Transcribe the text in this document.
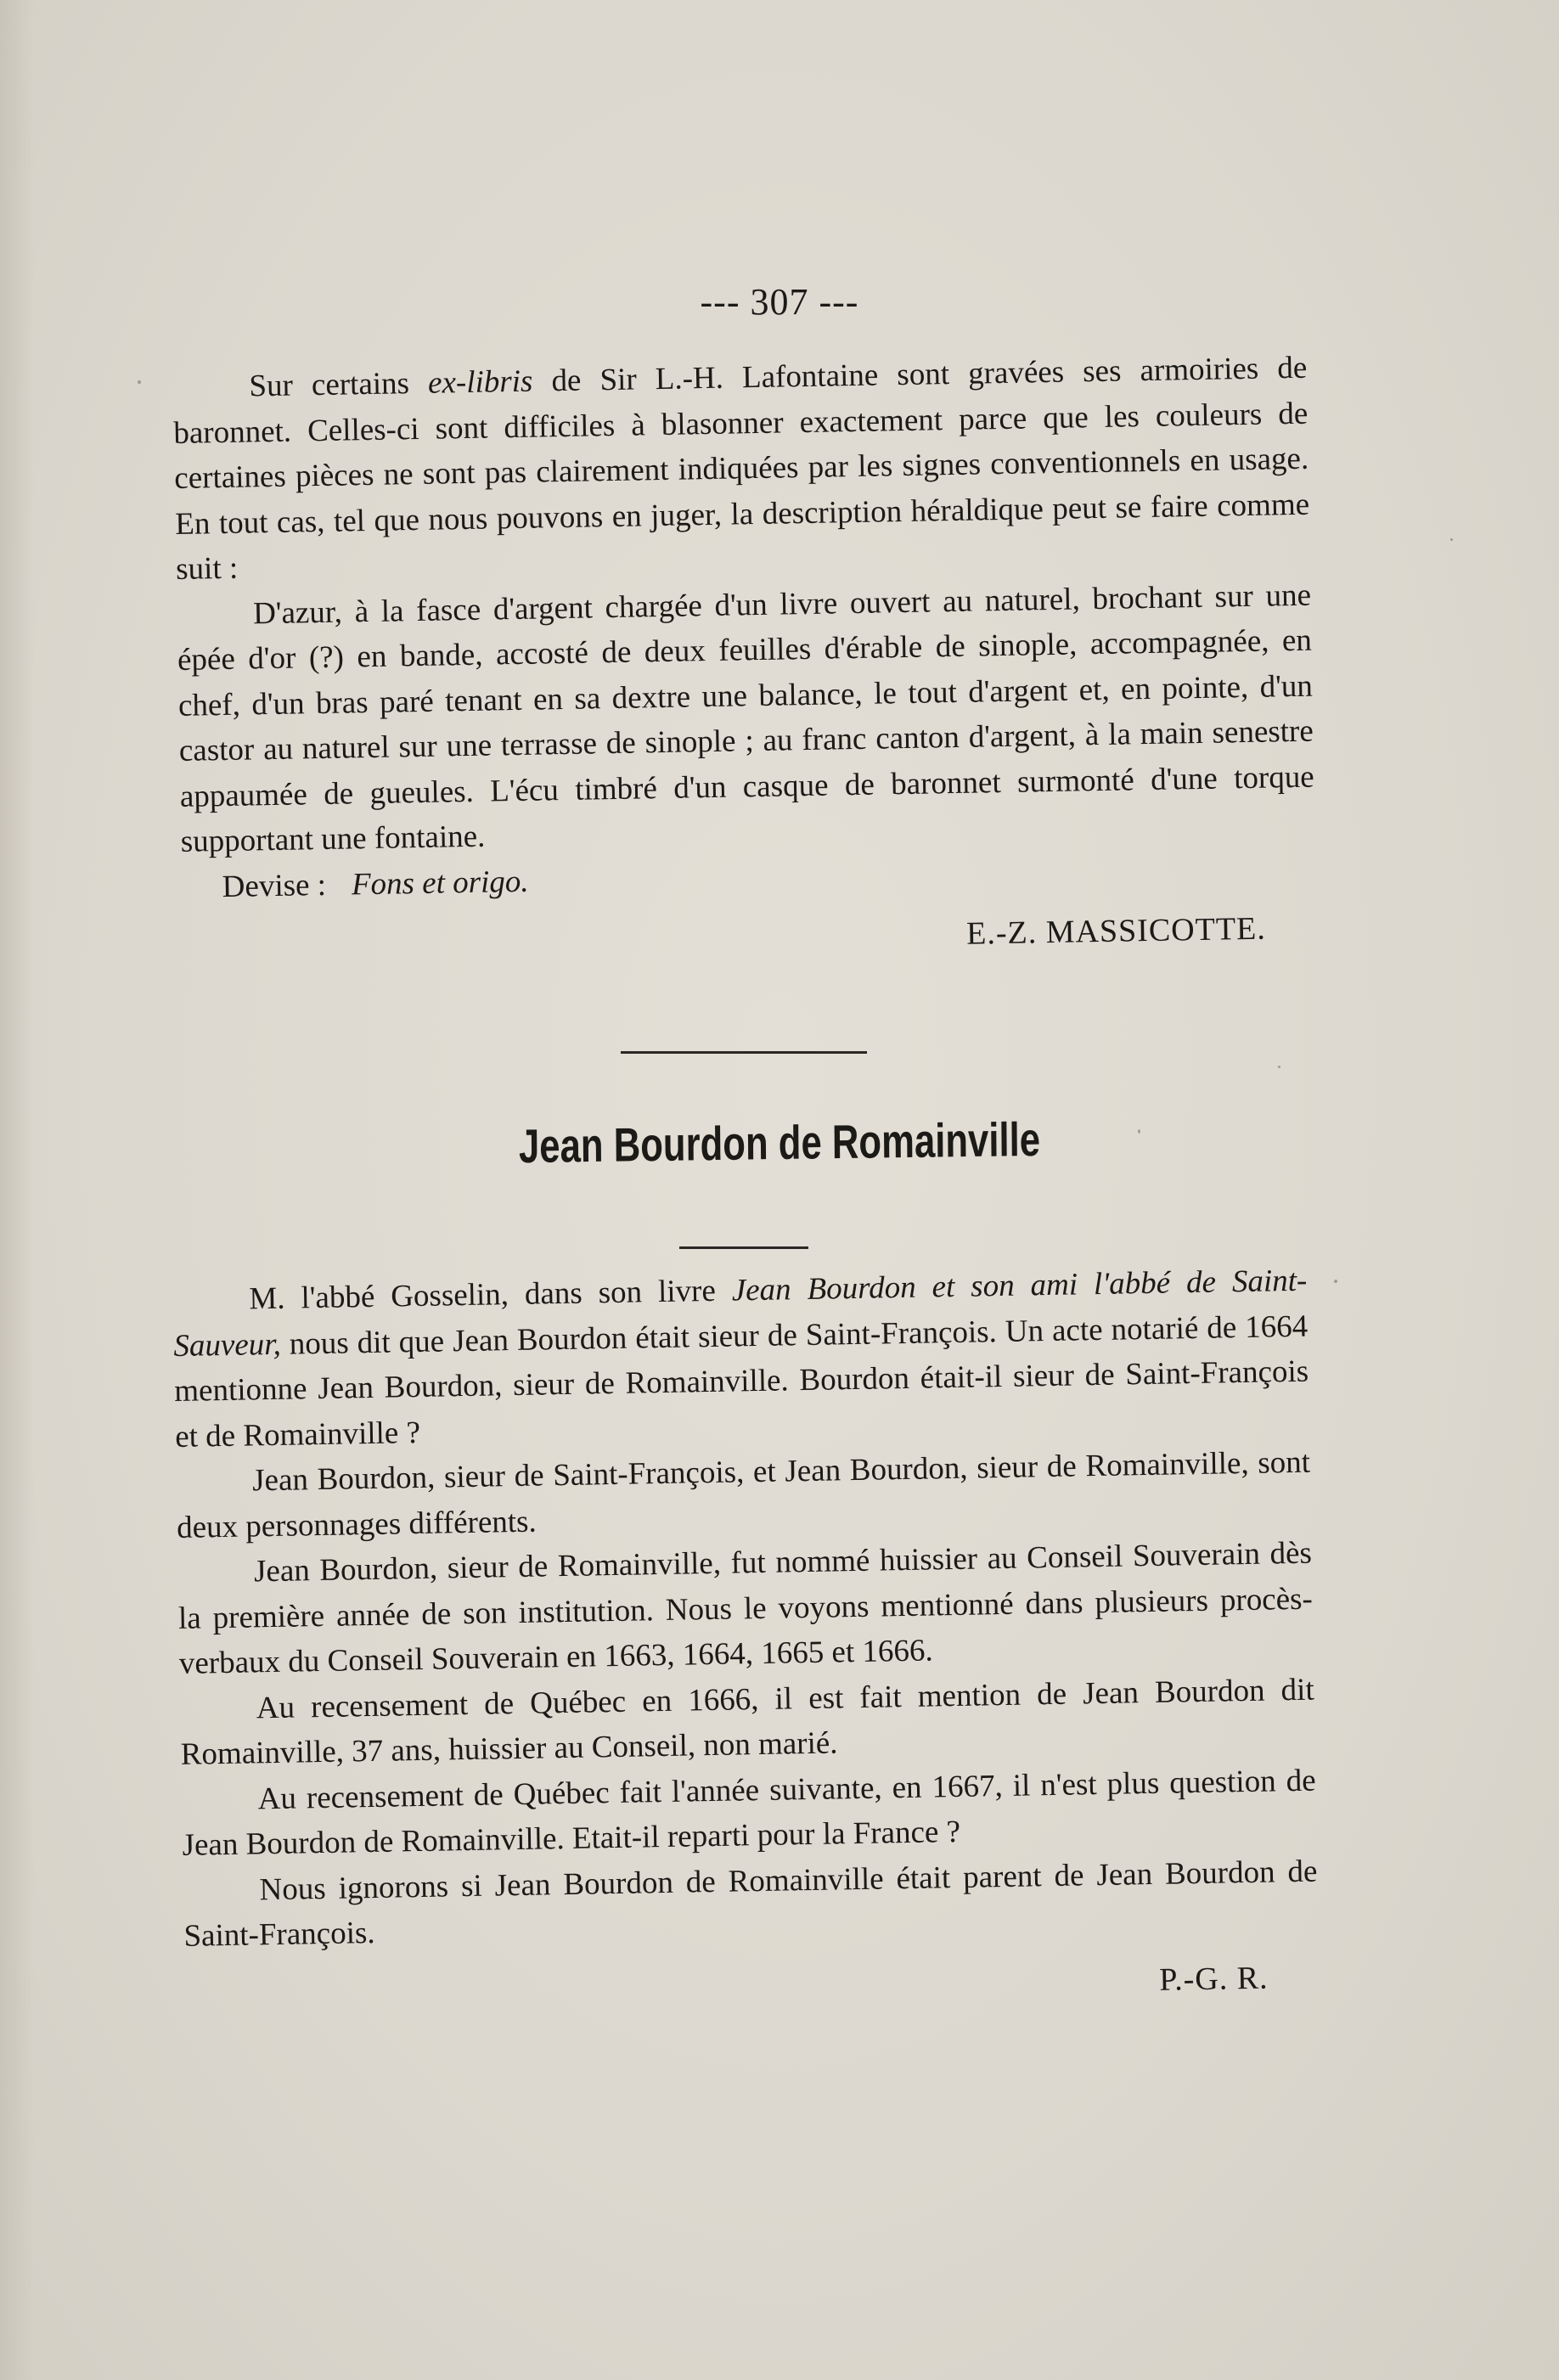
--- 307 ---

Sur certains ex-libris de Sir L.-H. Lafontaine sont gravées ses armoiries de baronnet. Celles-ci sont difficiles à blasonner exactement parce que les couleurs de certaines pièces ne sont pas clairement indiquées par les signes conventionnels en usage. En tout cas, tel que nous pouvons en juger, la description héraldique peut se faire comme suit :

D'azur, à la fasce d'argent chargée d'un livre ouvert au naturel, brochant sur une épée d'or (?) en bande, accosté de deux feuilles d'érable de sinople, accompagnée, en chef, d'un bras paré tenant en sa dextre une balance, le tout d'argent et, en pointe, d'un castor au naturel sur une terrasse de sinople ; au franc canton d'argent, à la main senestre appaumée de gueules. L'écu timbré d'un casque de baronnet surmonté d'une torque supportant une fontaine.

Devise : Fons et origo.
E.-Z. MASSICOTTE.
Jean Bourdon de Romainville

M. l'abbé Gosselin, dans son livre Jean Bourdon et son ami l'abbé de Saint-Sauveur, nous dit que Jean Bourdon était sieur de Saint-François. Un acte notarié de 1664 mentionne Jean Bourdon, sieur de Romainville. Bourdon était-il sieur de Saint-François et de Romainville ?

Jean Bourdon, sieur de Saint-François, et Jean Bourdon, sieur de Romainville, sont deux personnages différents.

Jean Bourdon, sieur de Romainville, fut nommé huissier au Conseil Souverain dès la première année de son institution. Nous le voyons mentionné dans plusieurs procès-verbaux du Conseil Souverain en 1663, 1664, 1665 et 1666.

Au recensement de Québec en 1666, il est fait mention de Jean Bourdon dit Romainville, 37 ans, huissier au Conseil, non marié.

Au recensement de Québec fait l'année suivante, en 1667, il n'est plus question de Jean Bourdon de Romainville. Etait-il reparti pour la France ?

Nous ignorons si Jean Bourdon de Romainville était parent de Jean Bourdon de Saint-François.

P.-G. R.
